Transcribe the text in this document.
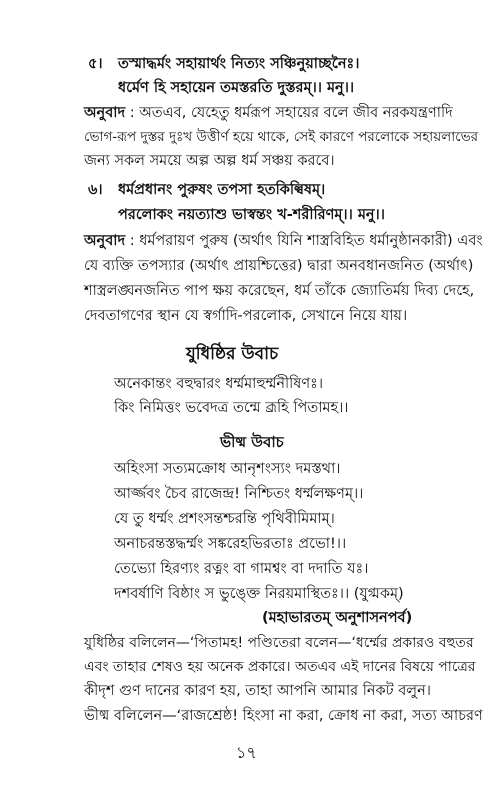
৫। তস্মাদ্ধর্মং সহায়ার্থং নিত্যং সঞ্চিনুয়াচ্ছনৈঃ।
ধর্মেণ হি সহায়েন তমস্তরতি দুস্তরম্।। মনু।।
অনুবাদ : অতএব, যেহেতু ধর্মরূপ সহায়ের বলে জীব নরকযন্ত্রণাদি
ভোগ-রূপ দুস্তর দুঃখ উত্তীর্ণ হয়ে থাকে, সেই কারণে পরলোকে সহায়লাভের
জন্য সকল সময়ে অল্প অল্প ধর্ম সঞ্চয় করবে।
৬। ধর্মপ্রধানং পুরুষং তপসা হতকিল্বিষম্।
পরলোকং নয়ত্যাশু ভাস্বন্তং খ-শরীরিণম্।। মনু।।
অনুবাদ : ধর্মপরায়ণ পুরুষ (অর্থাৎ যিনি শাস্ত্রবিহিত ধর্মানুষ্ঠানকারী) এবং
যে ব্যক্তি তপস্যার (অর্থাৎ প্রায়শ্চিত্তের) দ্বারা অনবধানজনিত (অর্থাৎ)
শাস্ত্রলঙ্ঘনজনিত পাপ ক্ষয় করেছেন, ধর্ম তাঁকে জ্যোতির্ময় দিব্য দেহে,
দেবতাগণের স্থান যে স্বর্গাদি-পরলোক, সেখানে নিয়ে যায়।
যুধিষ্ঠির উবাচ
অনেকান্তং বহুদ্বারং ধর্ম্মমাহুর্ম্মনীষিণঃ।
কিং নিমিত্তং ভবেদত্র তন্মে ব্রূহি পিতামহ।।
ভীষ্ম উবাচ
অহিংসা সত্যমক্রোধ আনৃশংস্যং দমস্তথা।
আর্জ্জবং চৈব রাজেন্দ্র! নিশ্চিতং ধর্ম্মলক্ষণম্।।
যে তু ধর্ম্মং প্রশংসন্তশ্চরন্তি পৃথিবীমিমাম্।
অনাচরন্তস্তদ্ধর্ম্মং সঙ্করেহভিরতাঃ প্রভো!।।
তেভ্যো হিরণ্যং রত্নং বা গামশ্বং বা দদাতি যঃ।
দশবর্ষাণি বিষ্ঠাং স ভুঙ্ক্তে নিরয়মাস্থিতঃ।। (যুগ্মকম্)
(মহাভারতম্ অনুশাসনপর্ব)
যুধিষ্ঠির বলিলেন—‘পিতামহ! পণ্ডিতেরা বলেন—‘ধর্ম্মের প্রকারও বহুতর
এবং তাহার শেষও হয় অনেক প্রকারে। অতএব এই দানের বিষয়ে পাত্রের
কীদৃশ গুণ দানের কারণ হয়, তাহা আপনি আমার নিকট বলুন।
ভীষ্ম বলিলেন—‘রাজশ্রেষ্ঠ! হিংসা না করা, ক্রোধ না করা, সত্য আচরণ
১৭
